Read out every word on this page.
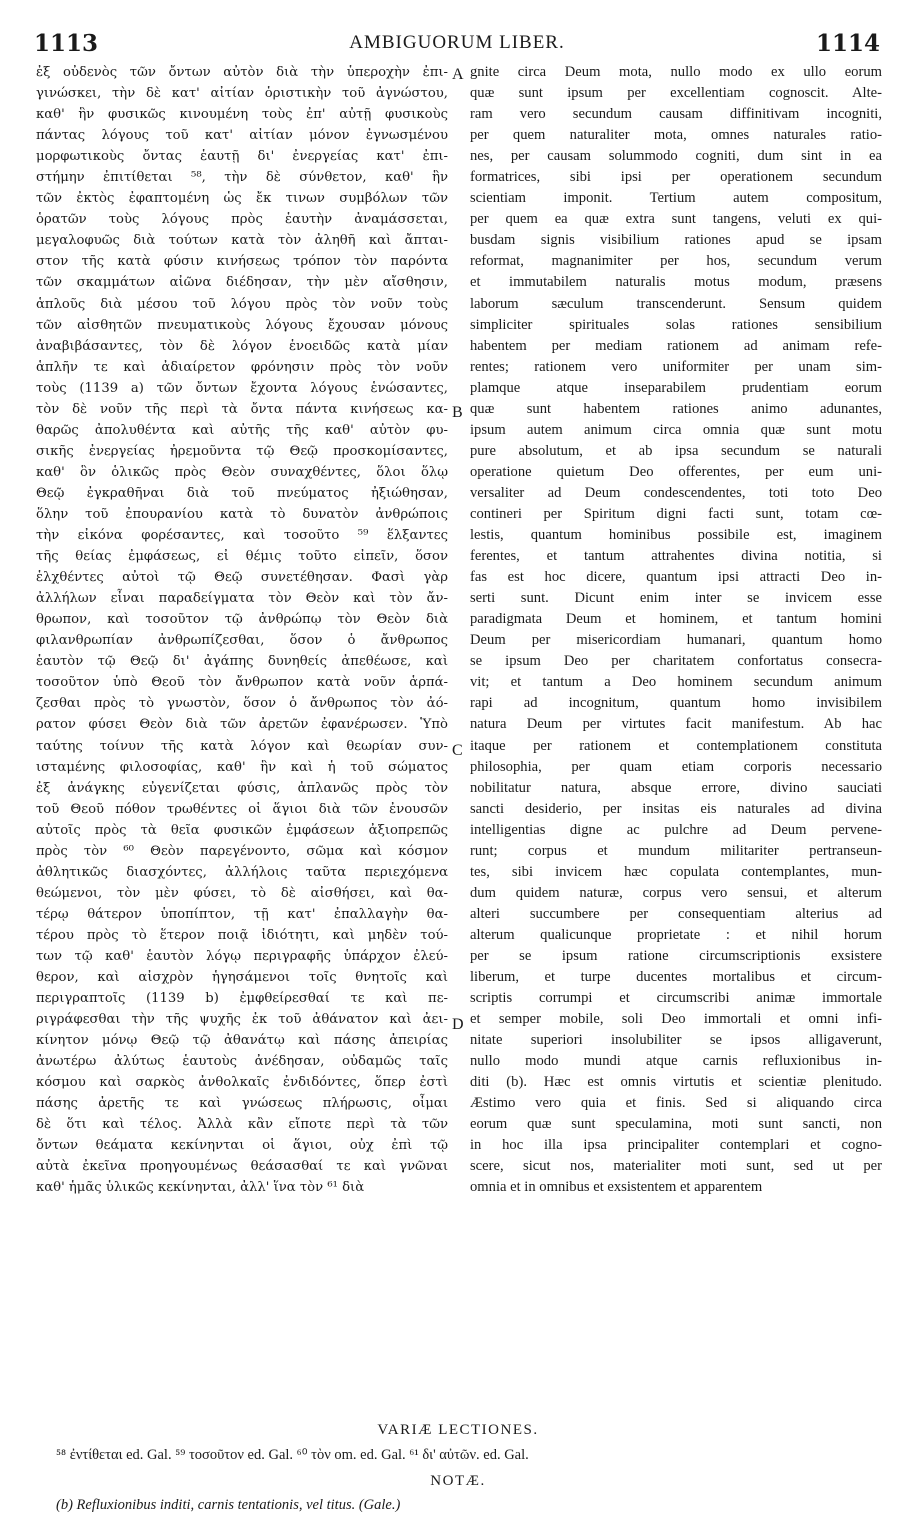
1113	AMBIGUORUM LIBER.	1114
ἐξ οὐδενὸς τῶν ὄντων αὐτὸν διὰ τὴν ὑπεροχὴν ἐπι-
γινώσκει, τὴν δὲ κατ' αἰτίαν ὁριστικὴν τοῦ ἀγνώστου,
καθ' ἣν φυσικῶς κινουμένη τοὺς ἐπ' αὐτῇ φυσικοὺς
πάντας λόγους τοῦ κατ' αἰτίαν μόνον ἐγνωσμένου
μορφωτικοὺς ὄντας ἑαυτῇ δι' ἐνεργείας κατ' ἐπι-
στήμην ἐπιτίθεται ⁵⁸, τὴν δὲ σύνθετον, καθ' ἣν
τῶν ἐκτὸς ἐφαπτομένη ὡς ἔκ τινων συμβόλων τῶν
ὁρατῶν τοὺς λόγους πρὸς ἑαυτὴν ἀναμάσσεται,
μεγαλοφυῶς διὰ τούτων κατὰ τὸν ἀληθῆ καὶ ἄπται-
στον τῆς κατὰ φύσιν κινήσεως τρόπον τὸν παρόντα
τῶν σκαμμάτων αἰῶνα διέδησαν, τὴν μὲν αἴσθησιν,
ἁπλοῦς διὰ μέσου τοῦ λόγου πρὸς τὸν νοῦν τοὺς
τῶν αἰσθητῶν πνευματικοὺς λόγους ἔχουσαν μόνους
ἀναβιβάσαντες, τὸν δὲ λόγον ἑνοειδῶς κατὰ μίαν
ἁπλῆν τε καὶ ἀδιαίρετον φρόνησιν πρὸς τὸν νοῦν
τοὺς (1139 a) τῶν ὄντων ἔχοντα λόγους ἑνώσαντες,
τὸν δὲ νοῦν τῆς περὶ τὰ ὄντα πάντα κινήσεως κα-
θαρῶς ἀπολυθέντα καὶ αὐτῆς τῆς καθ' αὐτὸν φυ-
σικῆς ἐνεργείας ἠρεμοῦντα τῷ Θεῷ προσκομίσαντες,
καθ' ὃν ὁλικῶς πρὸς Θεὸν συναχθέντες, ὅλοι ὅλῳ
Θεῷ ἐγκραθῆναι διὰ τοῦ πνεύματος ἠξιώθησαν,
ὅλην τοῦ ἐπουρανίου κατὰ τὸ δυνατὸν ἀνθρώποις
τὴν εἰκόνα φορέσαντες, καὶ τοσοῦτο ⁵⁹ ἕλξαντες
τῆς θείας ἐμφάσεως, εἰ θέμις τοῦτο εἰπεῖν, ὅσον
ἑλχθέντες αὐτοὶ τῷ Θεῷ συνετέθησαν. Φασὶ γὰρ
ἀλλήλων εἶναι παραδείγματα τὸν Θεὸν καὶ τὸν ἄν-
θρωπον, καὶ τοσοῦτον τῷ ἀνθρώπῳ τὸν Θεὸν διὰ
φιλανθρωπίαν ἀνθρωπίζεσθαι, ὅσον ὁ ἄνθρωπος
ἑαυτὸν τῷ Θεῷ δι' ἀγάπης δυνηθείς ἀπεθέωσε, καὶ
τοσοῦτον ὑπὸ Θεοῦ τὸν ἄνθρωπον κατὰ νοῦν ἁρπά-
ζεσθαι πρὸς τὸ γνωστὸν, ὅσον ὁ ἄνθρωπος τὸν ἀό-
ρατον φύσει Θεὸν διὰ τῶν ἀρετῶν ἐφανέρωσεν. Ὑπὸ
ταύτης τοίνυν τῆς κατὰ λόγον καὶ θεωρίαν συν-
ισταμένης φιλοσοφίας, καθ' ἣν καὶ ἡ τοῦ σώματος
ἐξ ἀνάγκης εὐγενίζεται φύσις, ἀπλανῶς πρὸς τὸν
τοῦ Θεοῦ πόθον τρωθέντες οἱ ἅγιοι διὰ τῶν ἐνουσῶν
αὐτοῖς πρὸς τὰ θεῖα φυσικῶν ἐμφάσεων ἀξιοπρεπῶς
πρὸς τὸν ⁶⁰ Θεὸν παρεγένοντο, σῶμα καὶ κόσμον
ἀθλητικῶς διασχόντες, ἀλλήλοις ταῦτα περιεχόμενα
θεώμενοι, τὸν μὲν φύσει, τὸ δὲ αἰσθήσει, καὶ θα-
τέρῳ θάτερον ὑποπίπτον, τῇ κατ' ἐπαλλαγὴν θα-
τέρου πρὸς τὸ ἕτερον ποιᾷ ἰδιότητι, καὶ μηδὲν τού-
των τῷ καθ' ἑαυτὸν λόγῳ περιγραφῆς ὑπάρχον ἐλεύ-
θερον, καὶ αἰσχρὸν ἡγησάμενοι τοῖς θνητοῖς καὶ
περιγραπτοῖς (1139 b) ἐμφθείρεσθαί τε καὶ πε-
ριγράφεσθαι τὴν τῆς ψυχῆς ἐκ τοῦ ἀθάνατον καὶ ἀει-
κίνητον μόνῳ Θεῷ τῷ ἀθανάτῳ καὶ πάσης ἀπειρίας
ἀνωτέρω ἀλύτως ἑαυτοὺς ἀνέδησαν, οὐδαμῶς ταῖς
κόσμου καὶ σαρκὸς ἀνθολκαῖς ἐνδιδόντες, ὅπερ ἐστὶ
πάσης ἀρετῆς τε καὶ γνώσεως πλήρωσις, οἶμαι
δὲ ὅτι καὶ τέλος. Ἀλλὰ κἂν εἴποτε περὶ τὰ τῶν
ὄντων θεάματα κεκίνηνται οἱ ἅγιοι, οὐχ ἐπὶ τῷ
αὐτὰ ἐκεῖνα προηγουμένως θεάσασθαί τε καὶ γνῶναι
καθ' ἡμᾶς ὑλικῶς κεκίνηνται, ἀλλ' ἵνα τὸν ⁶¹ διὰ
gnite circa Deum mota, nullo modo ex ullo eorum
quæ sunt ipsum per excellentiam cognoscit. Alte-
ram vero secundum causam diffinitivam incogniti,
per quem naturaliter mota, omnes naturales ratio-
nes, per causam solummodo cogniti, dum sint in ea
formatrices, sibi ipsi per operationem secundum
scientiam imponit. Tertium autem compositum,
per quem ea quæ extra sunt tangens, veluti ex qui-
busdam signis visibilium rationes apud se ipsam
reformat, magnanimiter per hos, secundum verum
et immutabilem naturalis motus modum, præsens
laborum sæculum transcenderunt. Sensum quidem
simpliciter spirituales solas rationes sensibilium
habentem per mediam rationem ad animam refe-
rentes; rationem vero uniformiter per unam sim-
plamque atque inseparabilem prudentiam eorum
quæ sunt habentem rationes animo adunantes,
ipsum autem animum circa omnia quæ sunt motu
pure absolutum, et ab ipsa secundum se naturali
operatione quietum Deo offerentes, per eum uni-
versaliter ad Deum condescendentes, toti toto Deo
contineri per Spiritum digni facti sunt, totam cœ-
lestis, quantum hominibus possibile est, imaginem
ferentes, et tantum attrahentes divina notitia, si
fas est hoc dicere, quantum ipsi attracti Deo in-
serti sunt. Dicunt enim inter se invicem esse
paradigmata Deum et hominem, et tantum homini
Deum per misericordiam humanari, quantum homo
se ipsum Deo per charitatem confortatus consecra-
vit; et tantum a Deo hominem secundum animum
rapi ad incognitum, quantum homo invisibilem
natura Deum per virtutes facit manifestum. Ab hac
itaque per rationem et contemplationem constituta
philosophia, per quam etiam corporis necessario
nobilitatur natura, absque errore, divino sauciati
sancti desiderio, per insitas eis naturales ad divina
intelligentias digne ac pulchre ad Deum pervene-
runt; corpus et mundum militariter pertranseun-
tes, sibi invicem hæc copulata contemplantes, mun-
dum quidem naturæ, corpus vero sensui, et alterum
alteri succumbere per consequentiam alterius ad
alterum qualicunque proprietate : et nihil horum
per se ipsum ratione circumscriptionis exsistere
liberum, et turpe ducentes mortalibus et circum-
scriptis corrumpi et circumscribi animæ immortale
et semper mobile, soli Deo immortali et omni infi-
nitate superiori insolubiliter se ipsos alligaverunt,
nullo modo mundi atque carnis refluxionibus in-
diti (b). Hæc est omnis virtutis et scientiæ plenitudo.
Æstimo vero quia et finis. Sed si aliquando circa
eorum quæ sunt speculamina, moti sunt sancti, non
in hoc illa ipsa principaliter contemplari et cogno-
scere, sicut nos, materialiter moti sunt, sed ut per
omnia et in omnibus et exsistentem et apparentem
A
B
C
D
VARIÆ LECTIONES.
⁵⁸ ἐντίθεται ed. Gal. ⁵⁹ τοσοῦτον ed. Gal. ⁶⁰ τὸν om. ed. Gal. ⁶¹ δι' αὐτῶν. ed. Gal.
NOTÆ.
(b) Refluxionibus inditi, carnis tentationis, vel titus. (Gale.)
